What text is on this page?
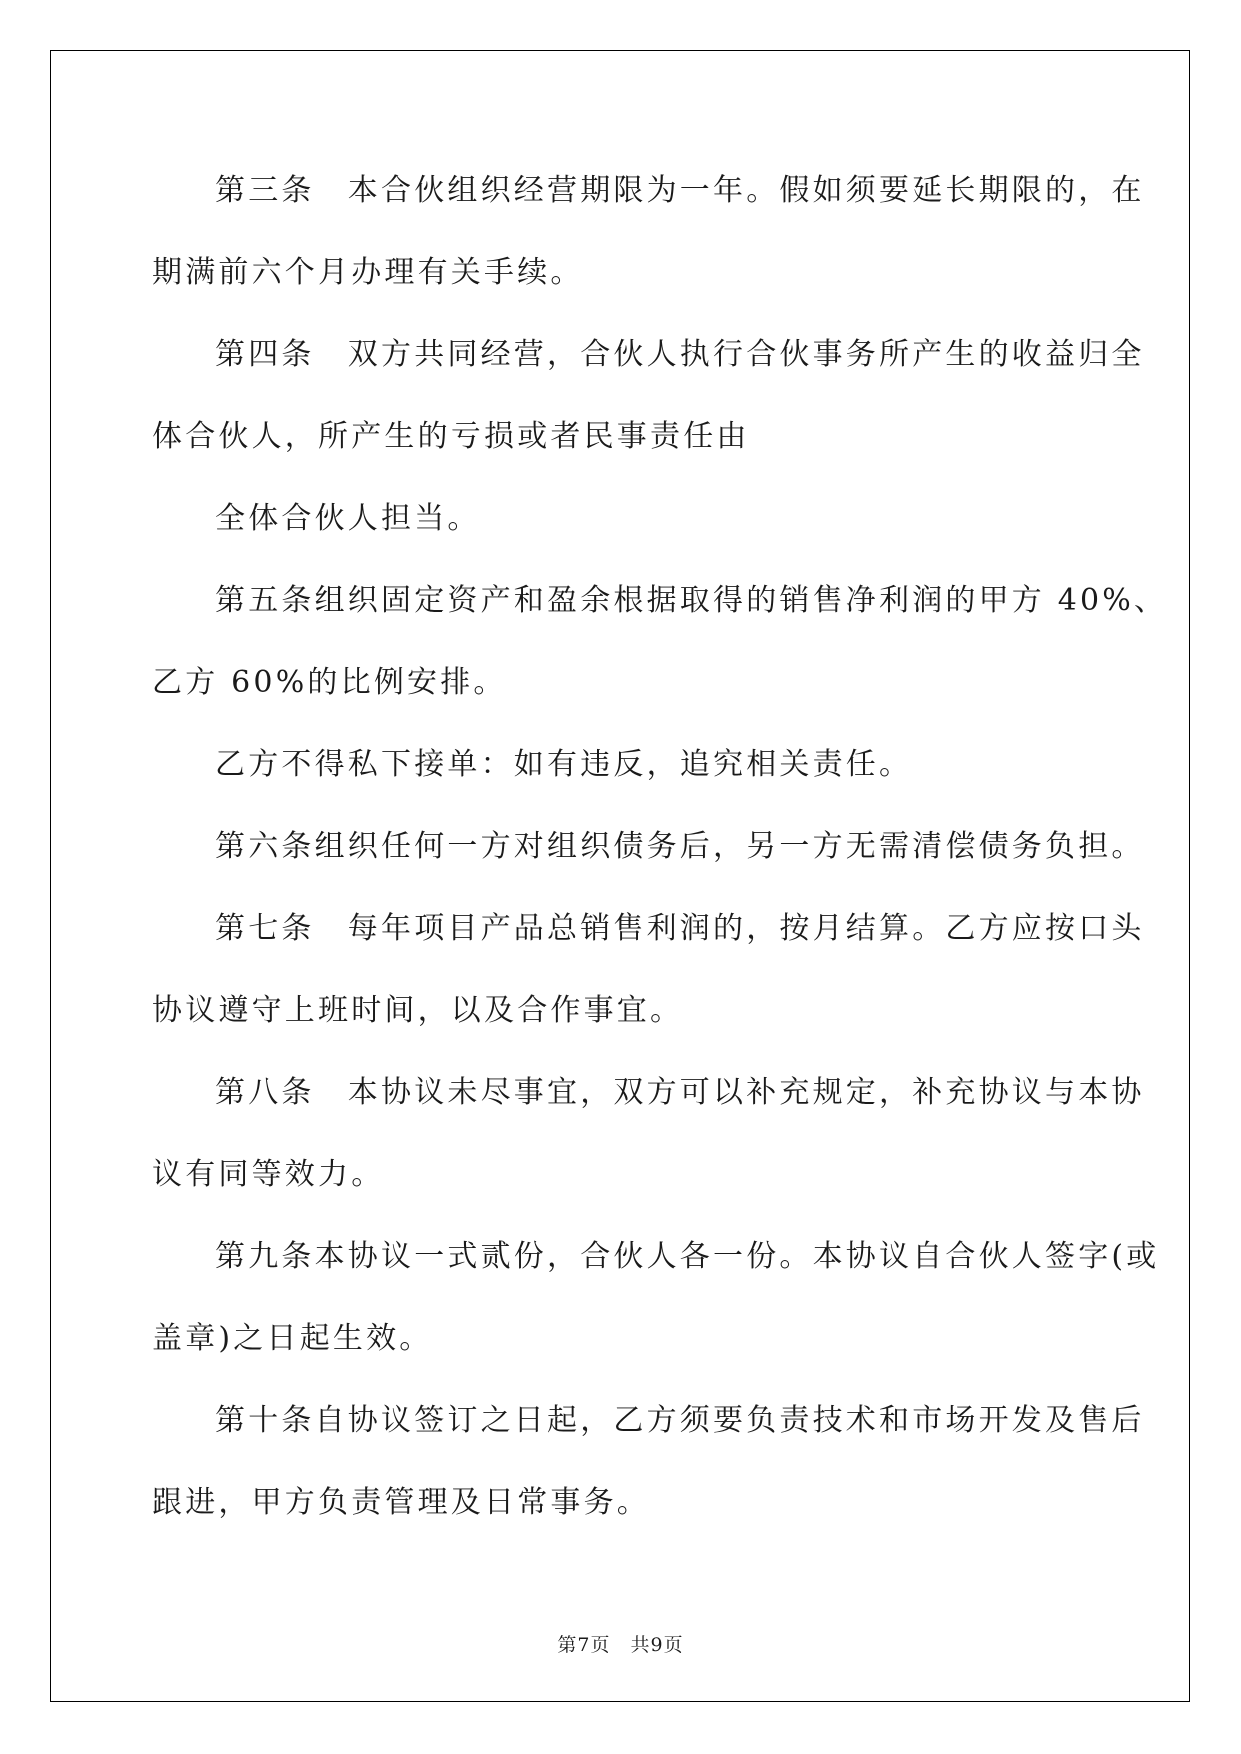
第三条　本合伙组织经营期限为一年。假如须要延长期限的，在
期满前六个月办理有关手续。
第四条　双方共同经营，合伙人执行合伙事务所产生的收益归全
体合伙人，所产生的亏损或者民事责任由
全体合伙人担当。
第五条组织固定资产和盈余根据取得的销售净利润的甲方 40%、
乙方 60%的比例安排。
乙方不得私下接单：如有违反，追究相关责任。
第六条组织任何一方对组织债务后，另一方无需清偿债务负担。
第七条　每年项目产品总销售利润的，按月结算。乙方应按口头
协议遵守上班时间，以及合作事宜。
第八条　本协议未尽事宜，双方可以补充规定，补充协议与本协
议有同等效力。
第九条本协议一式贰份，合伙人各一份。本协议自合伙人签字(或
盖章)之日起生效。
第十条自协议签订之日起，乙方须要负责技术和市场开发及售后
跟进，甲方负责管理及日常事务。
第7页　共9页
